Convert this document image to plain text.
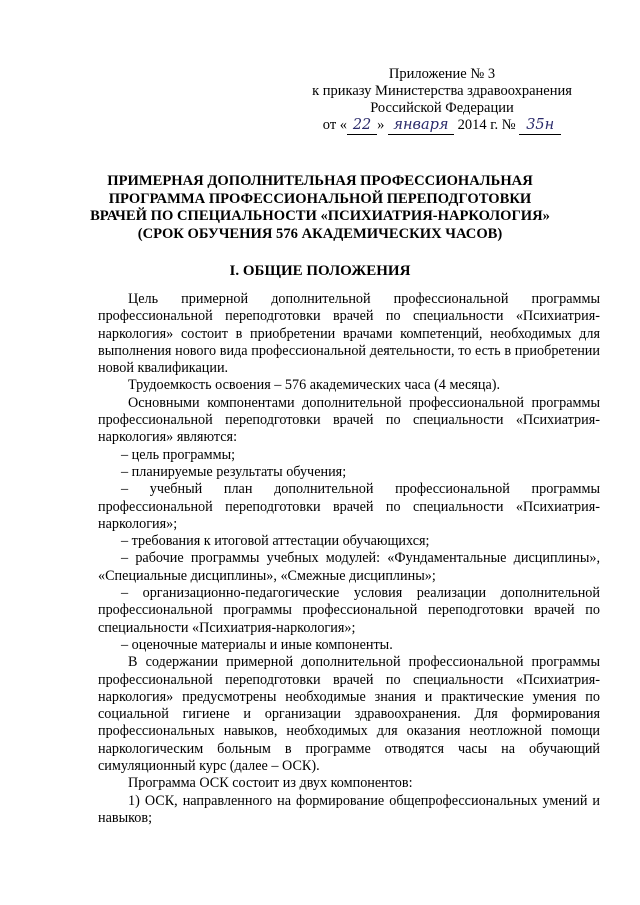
Приложение № 3
к приказу Министерства здравоохранения
Российской Федерации
от « 22 » января 2014 г. № 35н
ПРИМЕРНАЯ ДОПОЛНИТЕЛЬНАЯ ПРОФЕССИОНАЛЬНАЯ
ПРОГРАММА ПРОФЕССИОНАЛЬНОЙ ПЕРЕПОДГОТОВКИ
ВРАЧЕЙ ПО СПЕЦИАЛЬНОСТИ «ПСИХИАТРИЯ-НАРКОЛОГИЯ»
(СРОК ОБУЧЕНИЯ 576 АКАДЕМИЧЕСКИХ ЧАСОВ)
I. ОБЩИЕ ПОЛОЖЕНИЯ

Цель примерной дополнительной профессиональной программы профессиональной переподготовки врачей по специальности «Психиатрия-наркология» состоит в приобретении врачами компетенций, необходимых для выполнения нового вида профессиональной деятельности, то есть в приобретении новой квалификации.

Трудоемкость освоения – 576 академических часа (4 месяца).

Основными компонентами дополнительной профессиональной программы профессиональной переподготовки врачей по специальности «Психиатрия-наркология» являются:

– цель программы;

– планируемые результаты обучения;

– учебный план дополнительной профессиональной программы профессиональной переподготовки врачей по специальности «Психиатрия-наркология»;

– требования к итоговой аттестации обучающихся;

– рабочие программы учебных модулей: «Фундаментальные дисциплины», «Специальные дисциплины», «Смежные дисциплины»;

– организационно-педагогические условия реализации дополнительной профессиональной программы профессиональной переподготовки врачей по специальности «Психиатрия-наркология»;

– оценочные материалы и иные компоненты.

В содержании примерной дополнительной профессиональной программы профессиональной переподготовки врачей по специальности «Психиатрия-наркология» предусмотрены необходимые знания и практические умения по социальной гигиене и организации здравоохранения. Для формирования профессиональных навыков, необходимых для оказания неотложной помощи наркологическим больным в программе отводятся часы на обучающий симуляционный курс (далее – ОСК).

Программа ОСК состоит из двух компонентов:

1) ОСК, направленного на формирование общепрофессиональных умений и навыков;
